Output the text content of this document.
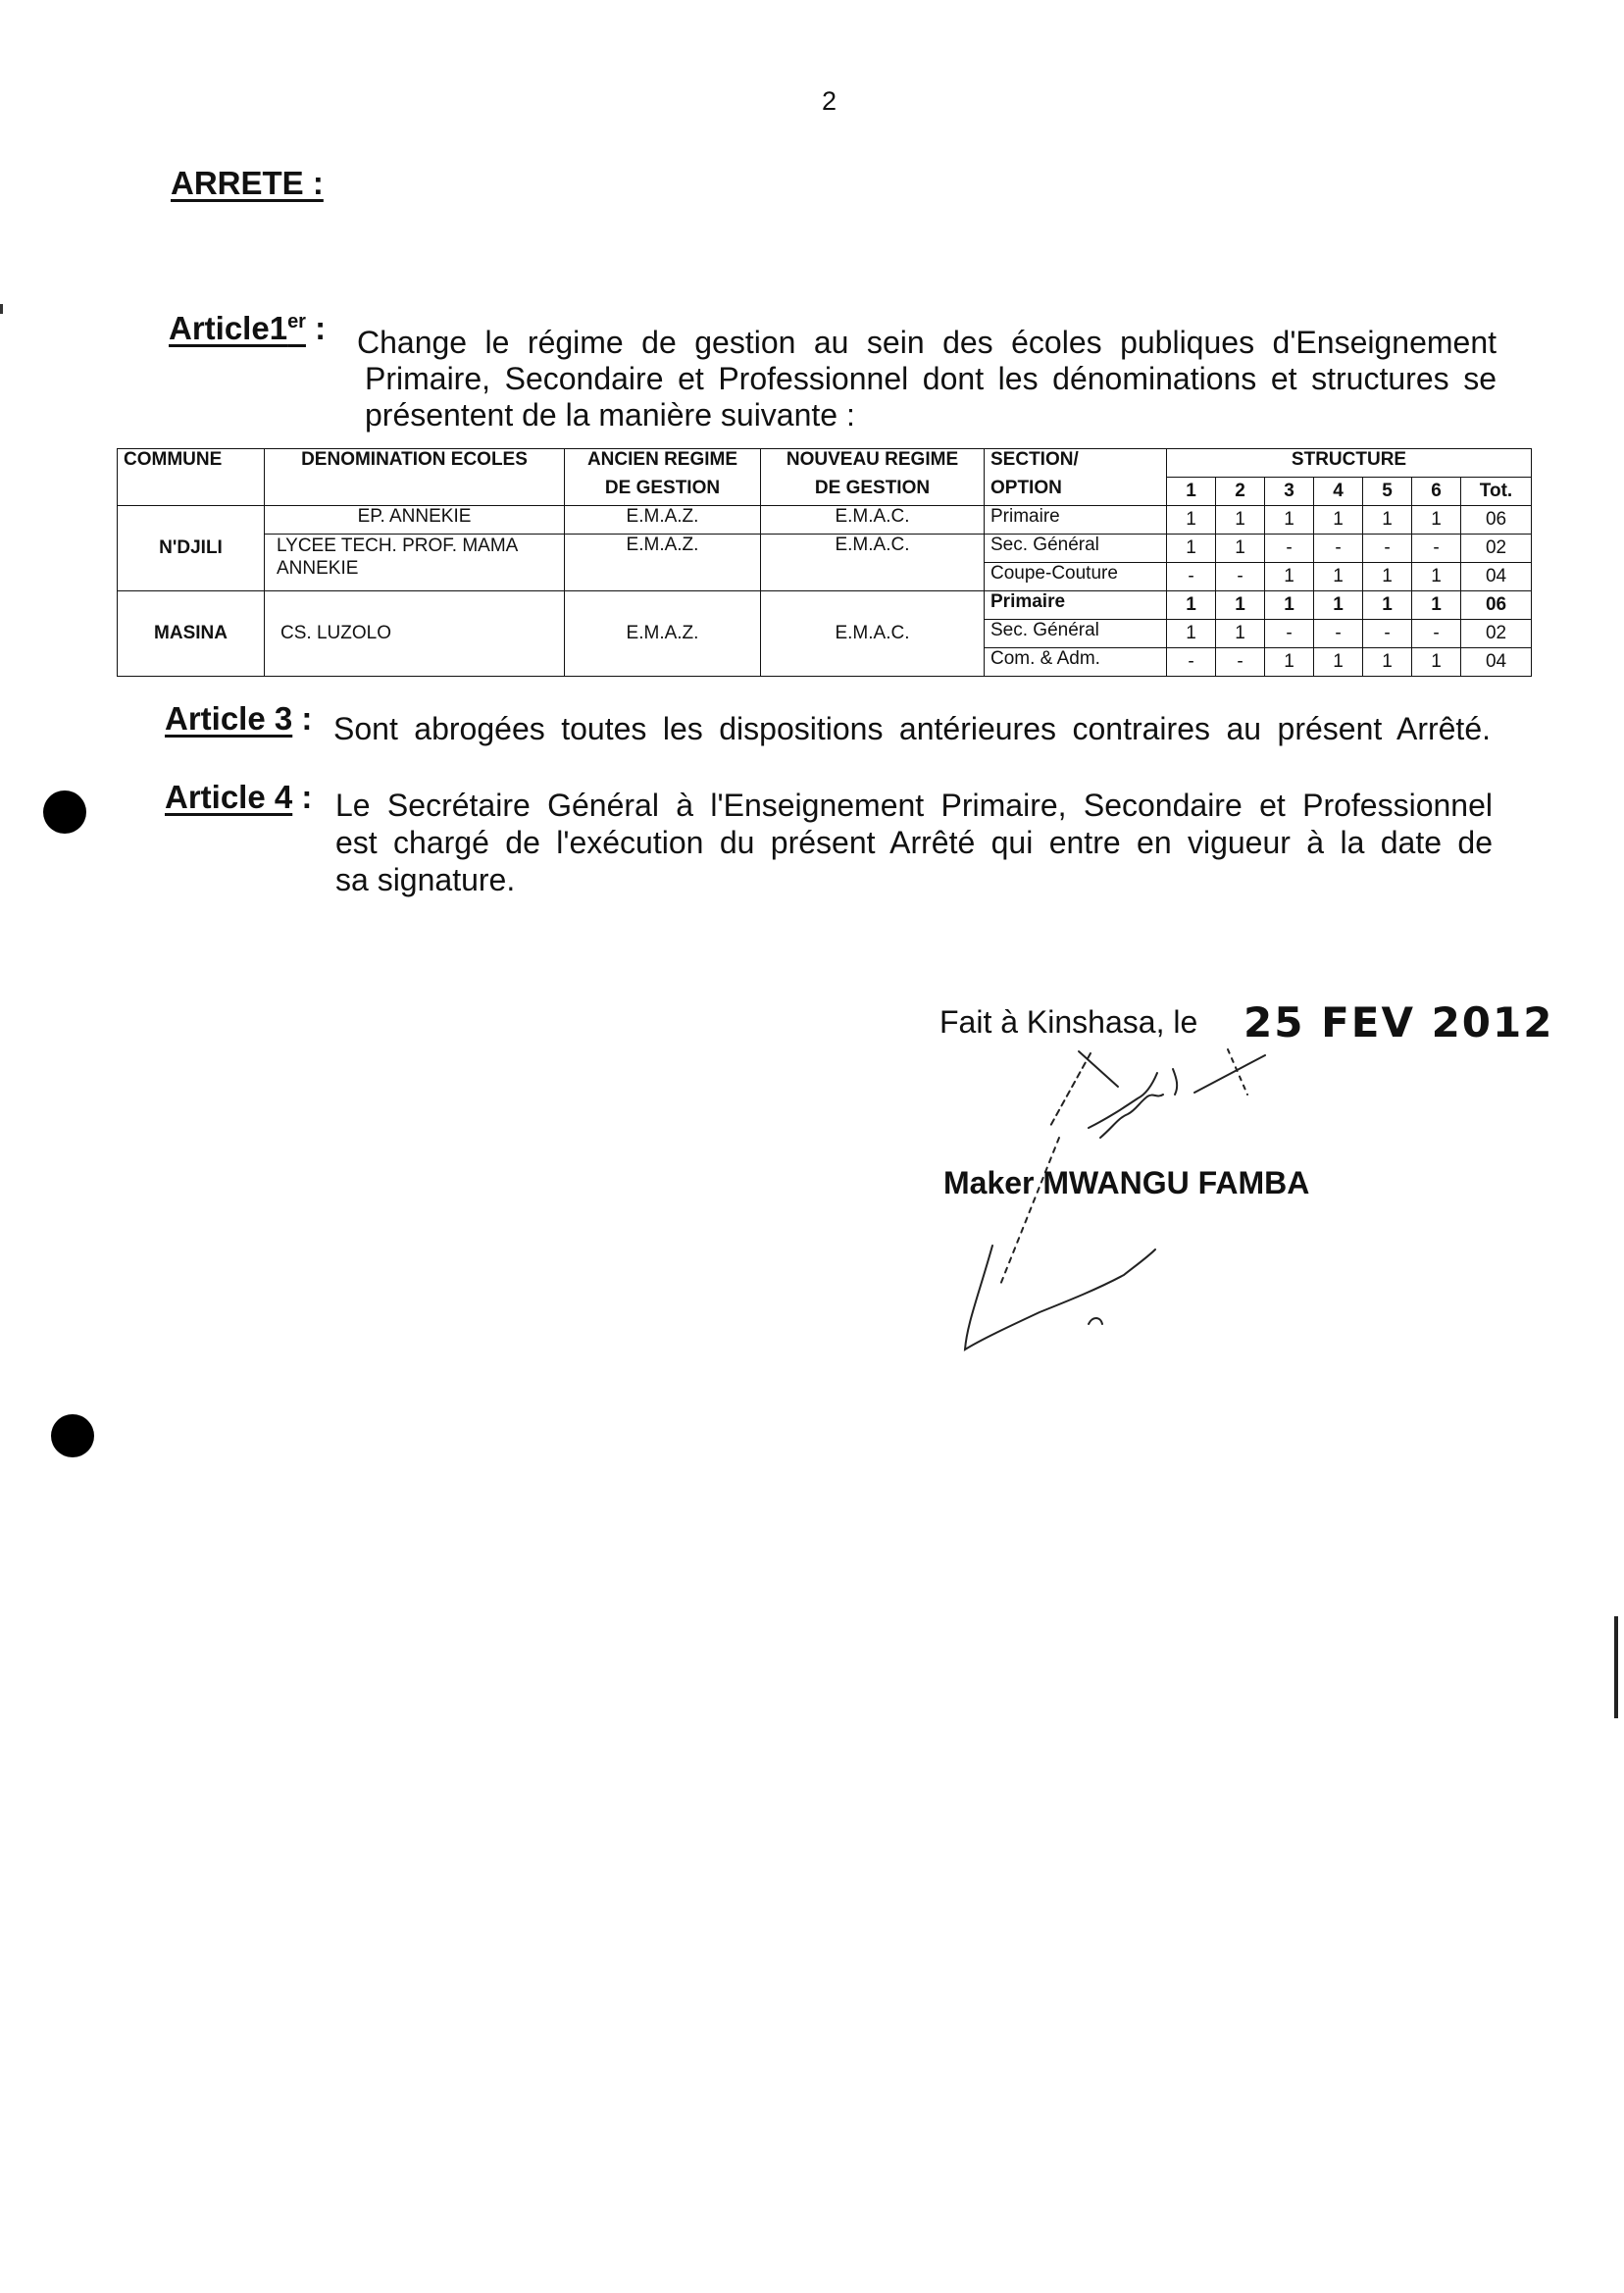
2
ARRETE :
Article1er : Change le régime de gestion au sein des écoles publiques d'Enseignement
Primaire, Secondaire et Professionnel dont les dénominations et structures se
présentent de la manière suivante :
COMMUNE	DENOMINATION ECOLES	ANCIEN REGIME	NOUVEAU REGIME	SECTION/	STRUCTURE						
		DE GESTION	DE GESTION	OPTION	1	2	3	4	5	6	Tot.
N'DJILI	EP. ANNEKIE	E.M.A.Z.	E.M.A.C.	Primaire	1	1	1	1	1	1	06
	LYCEE TECH. PROF. MAMA ANNEKIE	E.M.A.Z.	E.M.A.C.	Sec. Général	1	1	-	-	-	-	02
				Coupe-Couture	-	-	1	1	1	1	04
MASINA	CS. LUZOLO	E.M.A.Z.	E.M.A.C.	Primaire	1	1	1	1	1	1	06
				Sec. Général	1	1	-	-	-	-	02
				Com. & Adm.	-	-	1	1	1	1	04
Article 3 : Sont abrogées toutes les dispositions antérieures contraires au présent Arrêté.
Article 4 : Le Secrétaire Général à l'Enseignement Primaire, Secondaire et Professionnel
est chargé de l'exécution du présent Arrêté qui entre en vigueur à la date de
sa signature.
Fait à Kinshasa, le 25 FEV 2012
Maker MWANGU FAMBA
